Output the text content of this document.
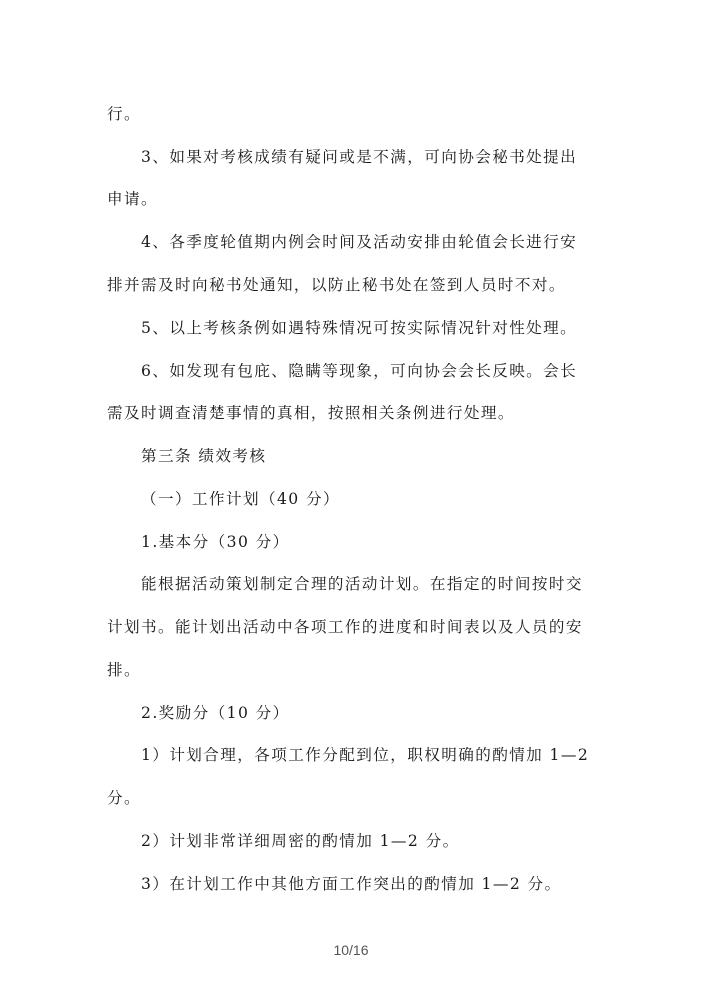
行。
3、如果对考核成绩有疑问或是不满，可向协会秘书处提出
申请。
4、各季度轮值期内例会时间及活动安排由轮值会长进行安
排并需及时向秘书处通知，以防止秘书处在签到人员时不对。
5、以上考核条例如遇特殊情况可按实际情况针对性处理。
6、如发现有包庇、隐瞒等现象，可向协会会长反映。会长
需及时调查清楚事情的真相，按照相关条例进行处理。
第三条 绩效考核
（一）工作计划（40 分）
1.基本分（30 分）
能根据活动策划制定合理的活动计划。在指定的时间按时交
计划书。能计划出活动中各项工作的进度和时间表以及人员的安
排。
2.奖励分（10 分）
1）计划合理，各项工作分配到位，职权明确的酌情加 1—2
分。
2）计划非常详细周密的酌情加 1—2 分。
3）在计划工作中其他方面工作突出的酌情加 1—2 分。
10/16
